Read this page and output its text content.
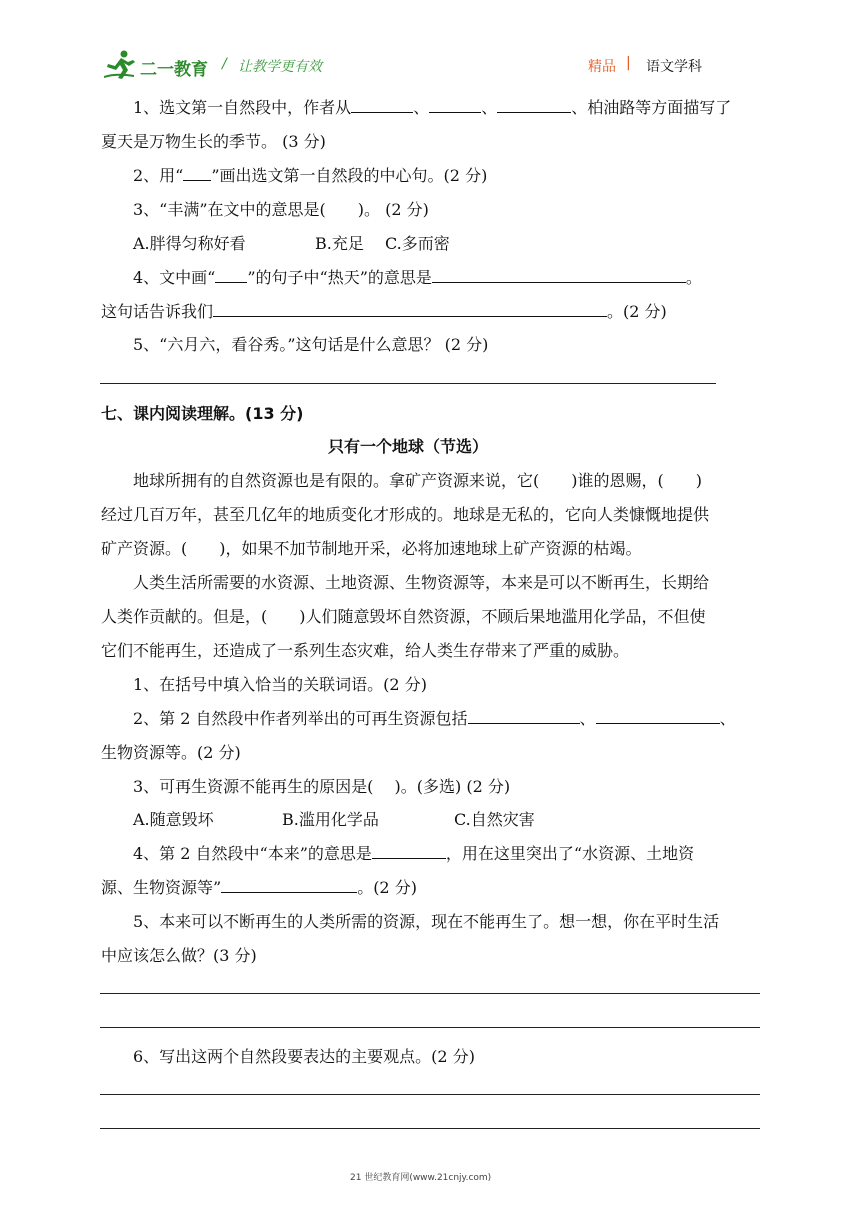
二一教育 / 让教学更有效	精品 | 语文学科
1、选文第一自然段中，作者从	、	、	、柏油路等方面描写了
夏天是万物生长的季节。 (3 分)
2、用“ ”画出选文第一自然段的中心句。(2 分)
3、“丰满”在文中的意思是(　　)。 (2 分)
A.胖得匀称好看	B.充足 C.多而密
4、文中画“ ”的句子中“热天”的意思是	。
这句话告诉我们	。(2 分)
5、“六月六，看谷秀。”这句话是什么意思？ (2 分)
七、课内阅读理解。(13 分)
只有一个地球（节选）
地球所拥有的自然资源也是有限的。拿矿产资源来说，它(　　)谁的恩赐，(　　)
经过几百万年，甚至几亿年的地质变化才形成的。地球是无私的，它向人类慷慨地提供
矿产资源。(　　)，如果不加节制地开采，必将加速地球上矿产资源的枯竭。
人类生活所需要的水资源、土地资源、生物资源等，本来是可以不断再生，长期给
人类作贡献的。但是，(　　)人们随意毁坏自然资源，不顾后果地滥用化学品，不但使
它们不能再生，还造成了一系列生态灾难，给人类生存带来了严重的威胁。
1、在括号中填入恰当的关联词语。(2 分)
2、第 2 自然段中作者列举出的可再生资源包括	、	、
生物资源等。(2 分)
3、可再生资源不能再生的原因是(　 )。(多选) (2 分)
A.随意毁坏	B.滥用化学品	C.自然灾害
4、第 2 自然段中“本来”的意思是	，用在这里突出了“水资源、土地资
源、生物资源等”	。(2 分)
5、本来可以不断再生的人类所需的资源，现在不能再生了。想一想，你在平时生活
中应该怎么做？(3 分)
6、写出这两个自然段要表达的主要观点。(2 分)
21 世纪教育网(www.21cnjy.com)
